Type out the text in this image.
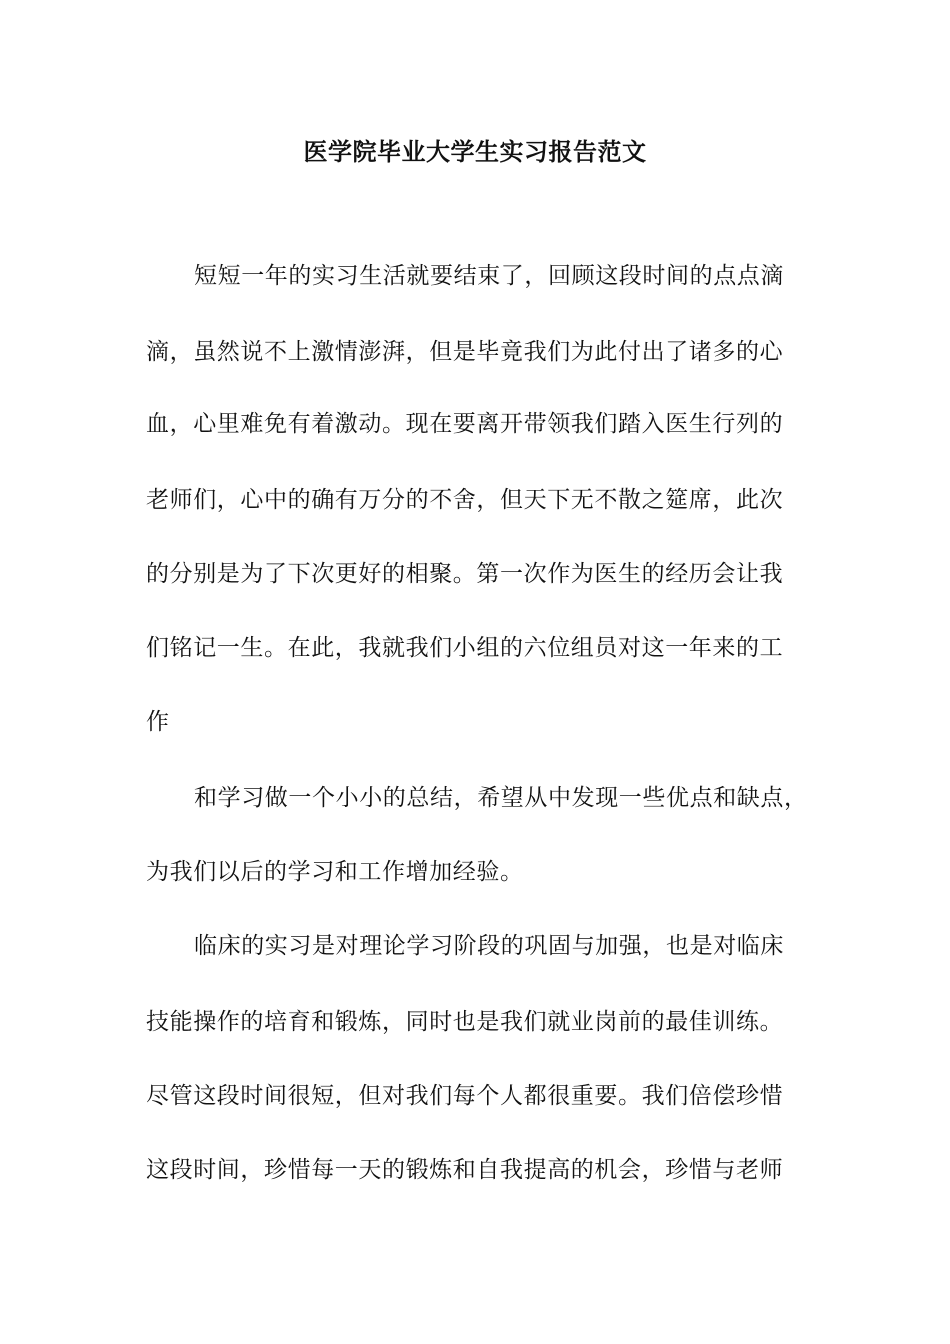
医学院毕业大学生实习报告范文
短短一年的实习生活就要结束了，回顾这段时间的点点滴
滴，虽然说不上激情澎湃，但是毕竟我们为此付出了诸多的心
血，心里难免有着激动。现在要离开带领我们踏入医生行列的
老师们，心中的确有万分的不舍，但天下无不散之筵席，此次
的分别是为了下次更好的相聚。第一次作为医生的经历会让我
们铭记一生。在此，我就我们小组的六位组员对这一年来的工
作
和学习做一个小小的总结，希望从中发现一些优点和缺点，
为我们以后的学习和工作增加经验。
临床的实习是对理论学习阶段的巩固与加强，也是对临床
技能操作的培育和锻炼，同时也是我们就业岗前的最佳训练。
尽管这段时间很短，但对我们每个人都很重要。我们倍偿珍惜
这段时间，珍惜每一天的锻炼和自我提高的机会，珍惜与老师
